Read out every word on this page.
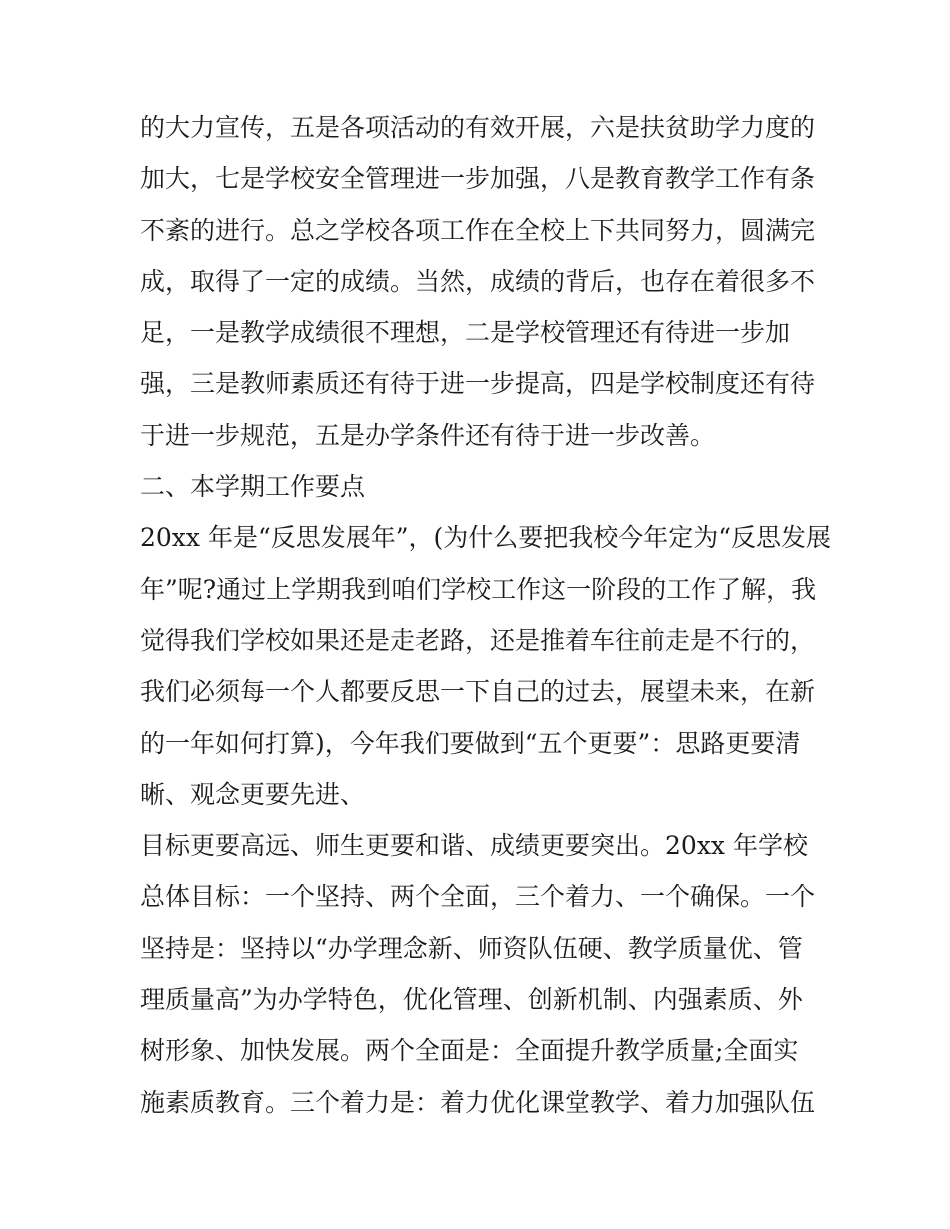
的大力宣传，五是各项活动的有效开展，六是扶贫助学力度的
加大，七是学校安全管理进一步加强，八是教育教学工作有条
不紊的进行。总之学校各项工作在全校上下共同努力，圆满完
成，取得了一定的成绩。当然，成绩的背后，也存在着很多不
足，一是教学成绩很不理想，二是学校管理还有待进一步加
强，三是教师素质还有待于进一步提高，四是学校制度还有待
于进一步规范，五是办学条件还有待于进一步改善。
二、本学期工作要点
20xx 年是“反思发展年”，(为什么要把我校今年定为“反思发展
年”呢?通过上学期我到咱们学校工作这一阶段的工作了解，我
觉得我们学校如果还是走老路，还是推着车往前走是不行的，
我们必须每一个人都要反思一下自己的过去，展望未来，在新
的一年如何打算)，今年我们要做到“五个更要”：思路更要清
晰、观念更要先进、
目标更要高远、师生更要和谐、成绩更要突出。20xx 年学校
总体目标：一个坚持、两个全面，三个着力、一个确保。一个
坚持是：坚持以“办学理念新、师资队伍硬、教学质量优、管
理质量高”为办学特色，优化管理、创新机制、内强素质、外
树形象、加快发展。两个全面是：全面提升教学质量;全面实
施素质教育。三个着力是：着力优化课堂教学、着力加强队伍
